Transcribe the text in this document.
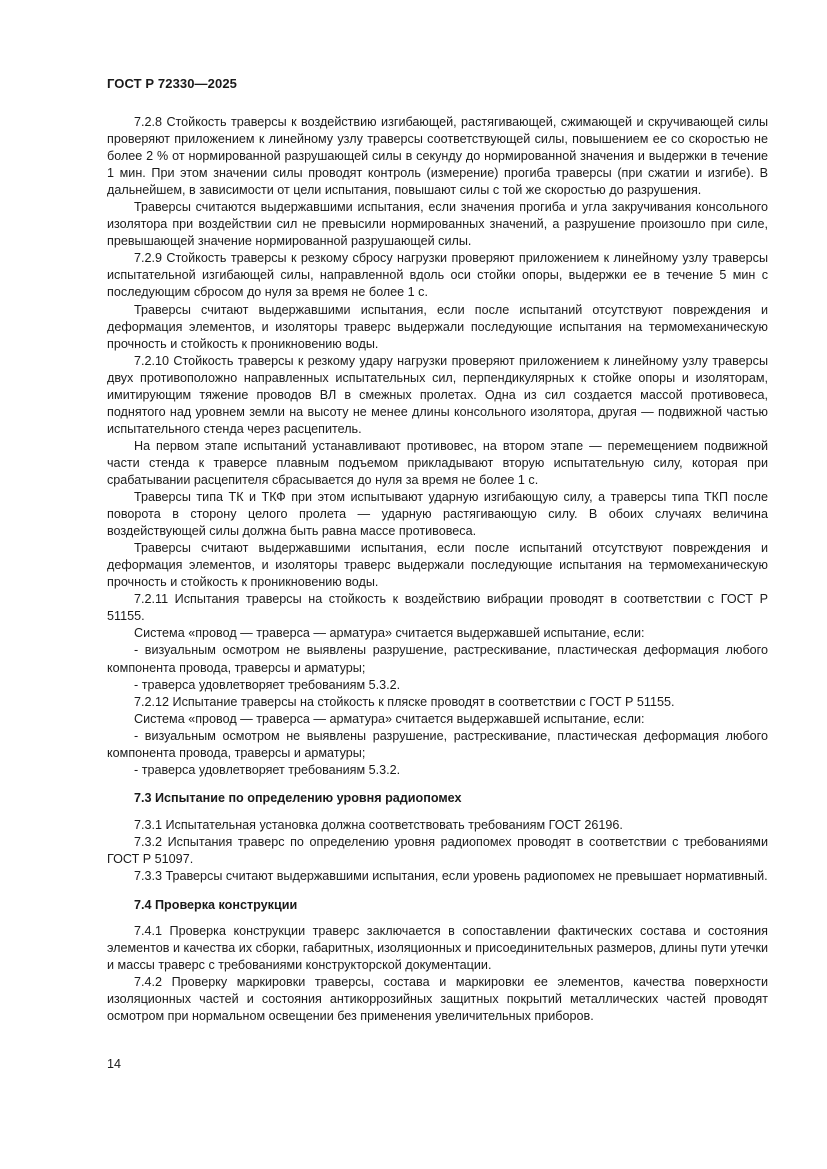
ГОСТ Р 72330—2025

7.2.8 Стойкость траверсы к воздействию изгибающей, растягивающей, сжимающей и скручивающей силы проверяют приложением к линейному узлу траверсы соответствующей силы, повышением ее со скоростью не более 2 % от нормированной разрушающей силы в секунду до нормированной значения и выдержки в течение 1 мин. При этом значении силы проводят контроль (измерение) прогиба траверсы (при сжатии и изгибе). В дальнейшем, в зависимости от цели испытания, повышают силы с той же скоростью до разрушения.

Траверсы считаются выдержавшими испытания, если значения прогиба и угла закручивания консольного изолятора при воздействии сил не превысили нормированных значений, а разрушение произошло при силе, превышающей значение нормированной разрушающей силы.

7.2.9 Стойкость траверсы к резкому сбросу нагрузки проверяют приложением к линейному узлу траверсы испытательной изгибающей силы, направленной вдоль оси стойки опоры, выдержки ее в течение 5 мин с последующим сбросом до нуля за время не более 1 с.

Траверсы считают выдержавшими испытания, если после испытаний отсутствуют повреждения и деформация элементов, и изоляторы траверс выдержали последующие испытания на термомеханическую прочность и стойкость к проникновению воды.

7.2.10 Стойкость траверсы к резкому удару нагрузки проверяют приложением к линейному узлу траверсы двух противоположно направленных испытательных сил, перпендикулярных к стойке опоры и изоляторам, имитирующим тяжение проводов ВЛ в смежных пролетах. Одна из сил создается массой противовеса, поднятого над уровнем земли на высоту не менее длины консольного изолятора, другая — подвижной частью испытательного стенда через расцепитель.

На первом этапе испытаний устанавливают противовес, на втором этапе — перемещением подвижной части стенда к траверсе плавным подъемом прикладывают вторую испытательную силу, которая при срабатывании расцепителя сбрасывается до нуля за время не более 1 с.

Траверсы типа ТК и ТКФ при этом испытывают ударную изгибающую силу, а траверсы типа ТКП после поворота в сторону целого пролета — ударную растягивающую силу. В обоих случаях величина воздействующей силы должна быть равна массе противовеса.

Траверсы считают выдержавшими испытания, если после испытаний отсутствуют повреждения и деформация элементов, и изоляторы траверс выдержали последующие испытания на термомеханическую прочность и стойкость к проникновению воды.

7.2.11 Испытания траверсы на стойкость к воздействию вибрации проводят в соответствии с ГОСТ Р 51155.

Система «провод — траверса — арматура» считается выдержавшей испытание, если:

- визуальным осмотром не выявлены разрушение, растрескивание, пластическая деформация любого компонента провода, траверсы и арматуры;

- траверса удовлетворяет требованиям 5.3.2.

7.2.12 Испытание траверсы на стойкость к пляске проводят в соответствии с ГОСТ Р 51155.

Система «провод — траверса — арматура» считается выдержавшей испытание, если:

- визуальным осмотром не выявлены разрушение, растрескивание, пластическая деформация любого компонента провода, траверсы и арматуры;

- траверса удовлетворяет требованиям 5.3.2.

7.3 Испытание по определению уровня радиопомех

7.3.1 Испытательная установка должна соответствовать требованиям ГОСТ 26196.

7.3.2 Испытания траверс по определению уровня радиопомех проводят в соответствии с требованиями ГОСТ Р 51097.

7.3.3 Траверсы считают выдержавшими испытания, если уровень радиопомех не превышает нормативный.

7.4 Проверка конструкции

7.4.1 Проверка конструкции траверс заключается в сопоставлении фактических состава и состояния элементов и качества их сборки, габаритных, изоляционных и присоединительных размеров, длины пути утечки и массы траверс с требованиями конструкторской документации.

7.4.2 Проверку маркировки траверсы, состава и маркировки ее элементов, качества поверхности изоляционных частей и состояния антикоррозийных защитных покрытий металлических частей проводят осмотром при нормальном освещении без применения увеличительных приборов.

14
